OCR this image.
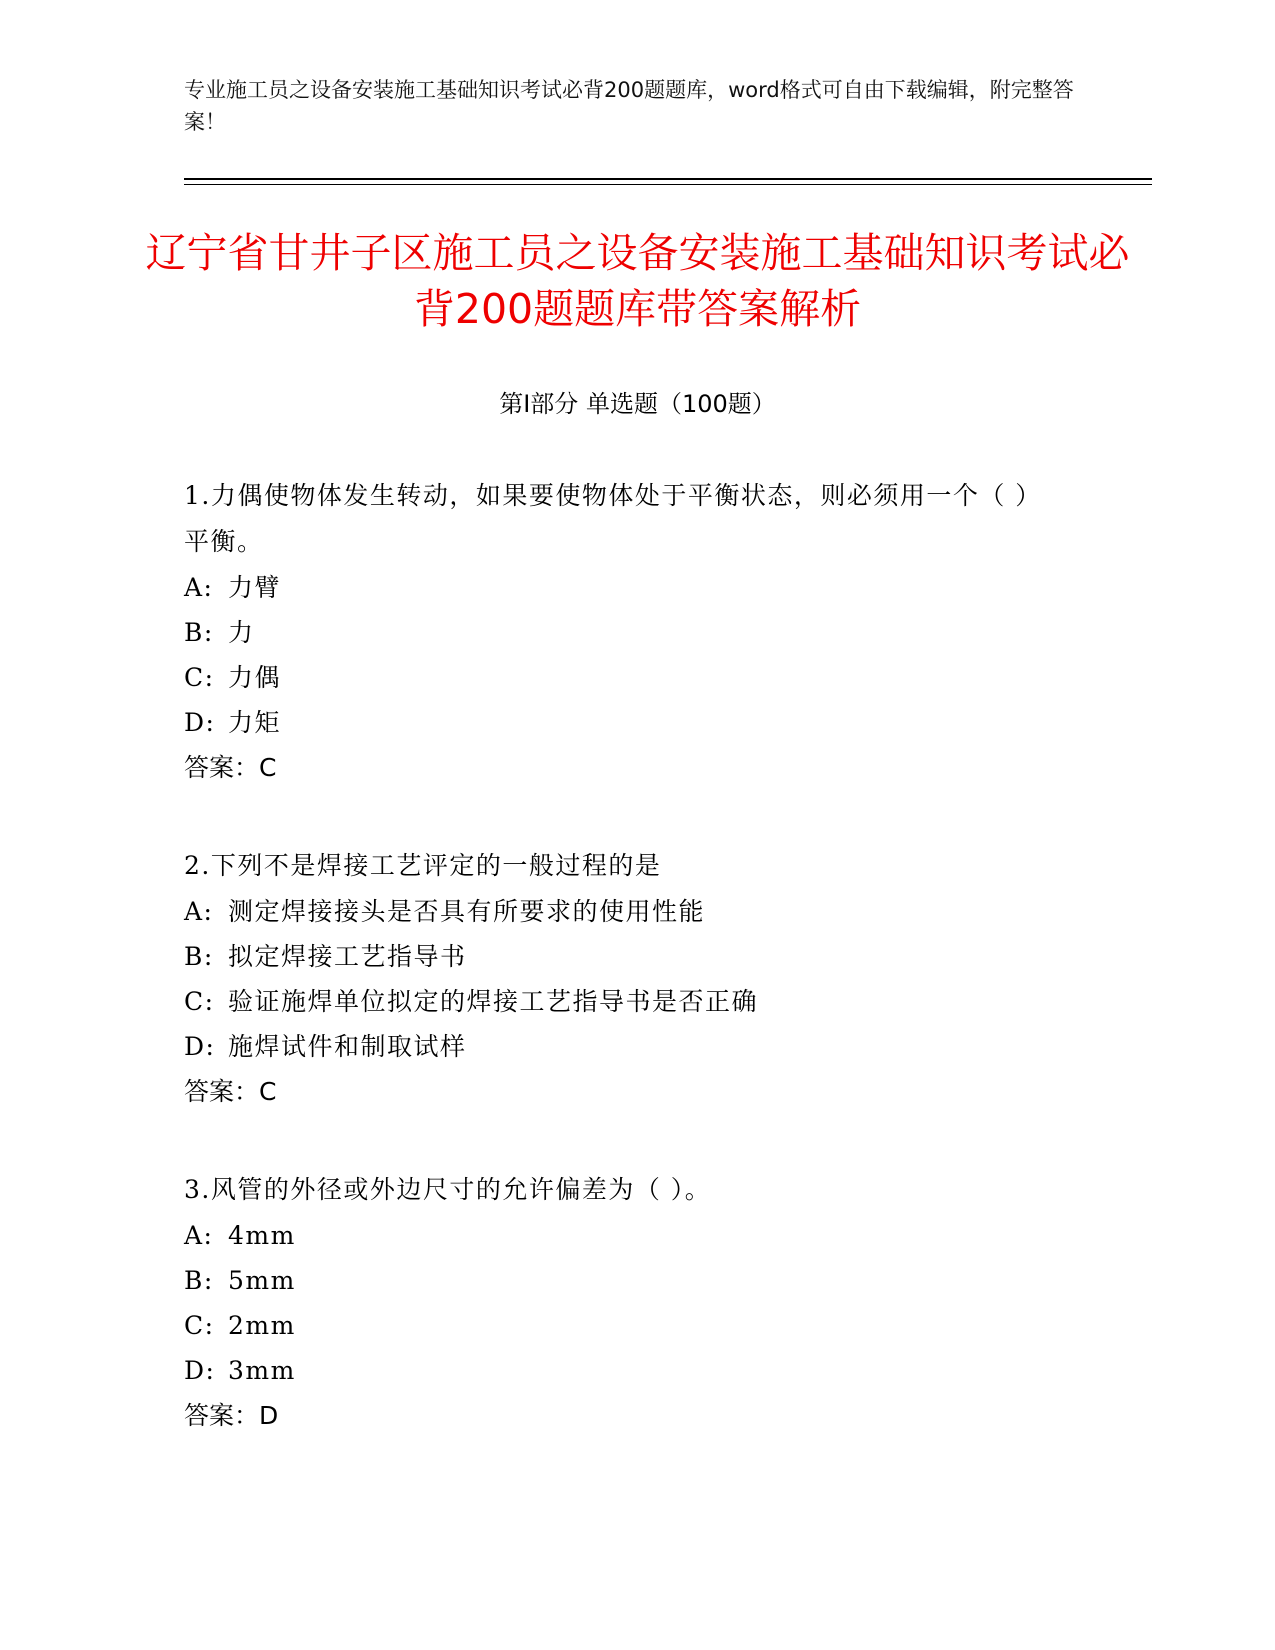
专业施工员之设备安装施工基础知识考试必背200题题库，word格式可自由下载编辑，附完整答案！
辽宁省甘井子区施工员之设备安装施工基础知识考试必背200题题库带答案解析
第Ⅰ部分 单选题（100题）

1.力偶使物体发生转动，如果要使物体处于平衡状态，则必须用一个（ ）平衡。

A: 力臂

B: 力

C: 力偶

D: 力矩

答案：C

2.下列不是焊接工艺评定的一般过程的是

A: 测定焊接接头是否具有所要求的使用性能

B: 拟定焊接工艺指导书

C: 验证施焊单位拟定的焊接工艺指导书是否正确

D: 施焊试件和制取试样

答案：C

3.风管的外径或外边尺寸的允许偏差为（ ）。

A: 4mm

B: 5mm

C: 2mm

D: 3mm

答案：D
